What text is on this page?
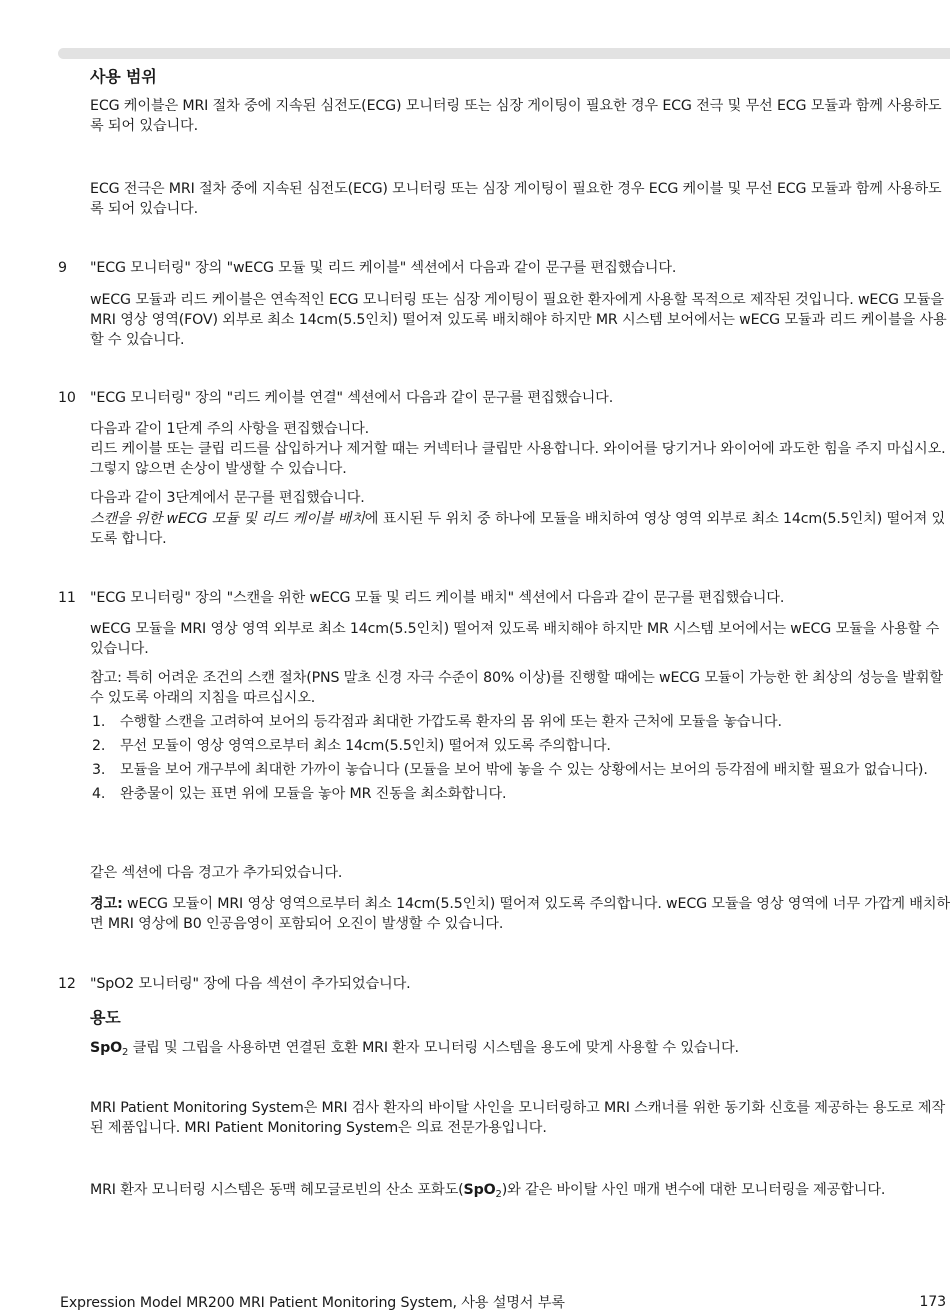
사용 범위

ECG 케이블은 MRI 절차 중에 지속된 심전도(ECG) 모니터링 또는 심장 게이팅이 필요한 경우 ECG 전극 및 무선 ECG 모듈과 함께 사용하도록 되어 있습니다.

ECG 전극은 MRI 절차 중에 지속된 심전도(ECG) 모니터링 또는 심장 게이팅이 필요한 경우 ECG 케이블 및 무선 ECG 모듈과 함께 사용하도록 되어 있습니다.

9 "ECG 모니터링" 장의 "wECG 모듈 및 리드 케이블" 섹션에서 다음과 같이 문구를 편집했습니다.

wECG 모듈과 리드 케이블은 연속적인 ECG 모니터링 또는 심장 게이팅이 필요한 환자에게 사용할 목적으로 제작된 것입니다. wECG 모듈을 MRI 영상 영역(FOV) 외부로 최소 14cm(5.5인치) 떨어져 있도록 배치해야 하지만 MR 시스템 보어에서는 wECG 모듈과 리드 케이블을 사용할 수 있습니다.

10 "ECG 모니터링" 장의 "리드 케이블 연결" 섹션에서 다음과 같이 문구를 편집했습니다.

다음과 같이 1단계 주의 사항을 편집했습니다.

리드 케이블 또는 클립 리드를 삽입하거나 제거할 때는 커넥터나 클립만 사용합니다. 와이어를 당기거나 와이어에 과도한 힘을 주지 마십시오. 그렇지 않으면 손상이 발생할 수 있습니다.

다음과 같이 3단계에서 문구를 편집했습니다.

스캔을 위한 wECG 모듈 및 리드 케이블 배치에 표시된 두 위치 중 하나에 모듈을 배치하여 영상 영역 외부로 최소 14cm(5.5인치) 떨어져 있도록 합니다.

11 "ECG 모니터링" 장의 "스캔을 위한 wECG 모듈 및 리드 케이블 배치" 섹션에서 다음과 같이 문구를 편집했습니다.

wECG 모듈을 MRI 영상 영역 외부로 최소 14cm(5.5인치) 떨어져 있도록 배치해야 하지만 MR 시스템 보어에서는 wECG 모듈을 사용할 수 있습니다.

참고: 특히 어려운 조건의 스캔 절차(PNS 말초 신경 자극 수준이 80% 이상)를 진행할 때에는 wECG 모듈이 가능한 한 최상의 성능을 발휘할 수 있도록 아래의 지침을 따르십시오.

1. 수행할 스캔을 고려하여 보어의 등각점과 최대한 가깝도록 환자의 몸 위에 또는 환자 근처에 모듈을 놓습니다.
2. 무선 모듈이 영상 영역으로부터 최소 14cm(5.5인치) 떨어져 있도록 주의합니다.
3. 모듈을 보어 개구부에 최대한 가까이 놓습니다 (모듈을 보어 밖에 놓을 수 있는 상황에서는 보어의 등각점에 배치할 필요가 없습니다).
4. 완충물이 있는 표면 위에 모듈을 놓아 MR 진동을 최소화합니다.

같은 섹션에 다음 경고가 추가되었습니다.

경고: wECG 모듈이 MRI 영상 영역으로부터 최소 14cm(5.5인치) 떨어져 있도록 주의합니다. wECG 모듈을 영상 영역에 너무 가깝게 배치하면 MRI 영상에 B0 인공음영이 포함되어 오진이 발생할 수 있습니다.

12 "SpO2 모니터링" 장에 다음 섹션이 추가되었습니다.

용도

SpO$_2$ 클립 및 그립을 사용하면 연결된 호환 MRI 환자 모니터링 시스템을 용도에 맞게 사용할 수 있습니다.

MRI Patient Monitoring System은 MRI 검사 환자의 바이탈 사인을 모니터링하고 MRI 스캐너를 위한 동기화 신호를 제공하는 용도로 제작된 제품입니다. MRI Patient Monitoring System은 의료 전문가용입니다.

MRI 환자 모니터링 시스템은 동맥 헤모글로빈의 산소 포화도(SpO$_2$)와 같은 바이탈 사인 매개 변수에 대한 모니터링을 제공합니다.

Expression Model MR200 MRI Patient Monitoring System, 사용 설명서 부록	173
